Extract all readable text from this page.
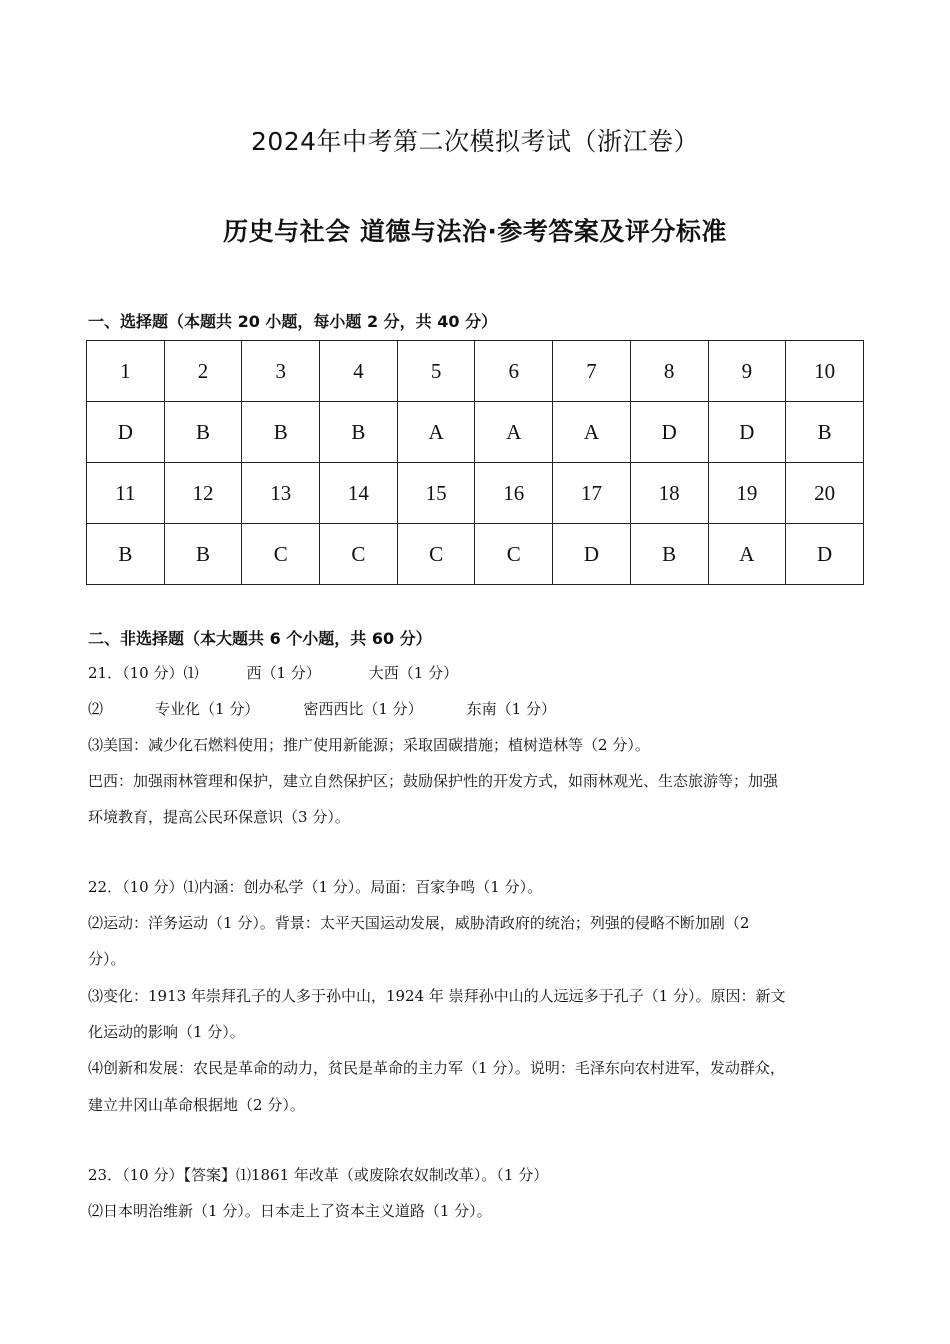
2024年中考第二次模拟考试（浙江卷）
历史与社会 道德与法治·参考答案及评分标准
一、选择题（本题共 20 小题，每小题 2 分，共 40 分）
1	2	3	4	5	6	7	8	9	10
D	B	B	B	A	A	A	D	D	B
11	12	13	14	15	16	17	18	19	20
B	B	C	C	C	C	D	B	A	D
二、非选择题（本大题共 6 个小题，共 60 分）
21．（10 分）⑴	西（1 分）	大西（1 分）
⑵	专业化（1 分）	密西西比（1 分）	东南（1 分）
⑶美国：减少化石燃料使用；推广使用新能源；采取固碳措施；植树造林等（2 分）。
巴西：加强雨林管理和保护，建立自然保护区；鼓励保护性的开发方式，如雨林观光、生态旅游等；加强
环境教育，提高公民环保意识（3 分）。
22．（10 分）⑴内涵：创办私学（1 分）。局面：百家争鸣（1 分）。
⑵运动：洋务运动（1 分）。背景：太平天国运动发展，威胁清政府的统治；列强的侵略不断加剧（2
分）。
⑶变化：1913 年崇拜孔子的人多于孙中山，1924 年 崇拜孙中山的人远远多于孔子（1 分）。原因：新文
化运动的影响（1 分）。
⑷创新和发展：农民是革命的动力，贫民是革命的主力军（1 分）。说明：毛泽东向农村进军，发动群众，
建立井冈山革命根据地（2 分）。
23．（10 分）【答案】⑴1861 年改革（或废除农奴制改革）。（1 分）
⑵日本明治维新（1 分）。日本走上了资本主义道路（1 分）。
